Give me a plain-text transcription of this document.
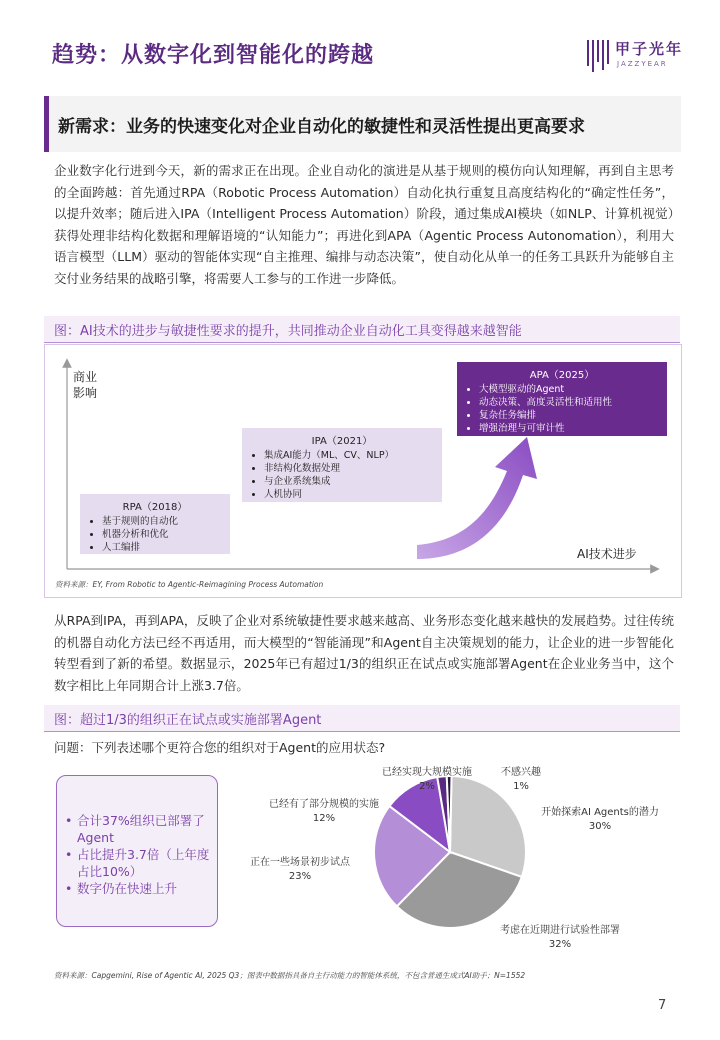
趋势：从数字化到智能化的跨越	甲子光年
JAZZYEAR
新需求：业务的快速变化对企业自动化的敏捷性和灵活性提出更高要求
企业数字化行进到今天，新的需求正在出现。企业自动化的演进是从基于规则的模仿向认知理解，再到自主思考的全面跨越：首先通过RPA（Robotic Process Automation）自动化执行重复且高度结构化的“确定性任务”，以提升效率；随后进入IPA（Intelligent Process Automation）阶段，通过集成AI模块（如NLP、计算机视觉）获得处理非结构化数据和理解语境的“认知能力”；再进化到APA（Agentic Process Autonomation），利用大语言模型（LLM）驱动的智能体实现“自主推理、编排与动态决策”，使自动化从单一的任务工具跃升为能够自主交付业务结果的战略引擎，将需要人工参与的工作进一步降低。
图：AI技术的进步与敏捷性要求的提升，共同推动企业自动化工具变得越来越智能
商业
影响
AI技术进步
资料来源：EY, From Robotic to Agentic-Reimagining Process Automation
RPA（2018）
• 基于规则的自动化
• 机器分析和优化
• 人工编排
IPA（2021）
• 集成AI能力（ML、CV、NLP）
• 非结构化数据处理
• 与企业系统集成
• 人机协同
APA（2025）
• 大模型驱动的Agent
• 动态决策、高度灵活性和适用性
• 复杂任务编排
• 增强治理与可审计性
从RPA到IPA，再到APA，反映了企业对系统敏捷性要求越来越高、业务形态变化越来越快的发展趋势。过往传统的机器自动化方法已经不再适用，而大模型的“智能涌现”和Agent自主决策规划的能力，让企业的进一步智能化转型看到了新的希望。数据显示，2025年已有超过1/3的组织正在试点或实施部署Agent在企业业务当中，这个数字相比上年同期合计上涨3.7倍。
图：超过1/3的组织正在试点或实施部署Agent
问题：下列表述哪个更符合您的组织对于Agent的应用状态?
• 合计37%组织已部署了Agent
• 占比提升3.7倍（上年度占比10%）
• 数字仍在快速上升
开始探索AI Agents的潜力
30%
考虑在近期进行试验性部署
32%
正在一些场景初步试点
23%
已经有了部分规模的实施
12%
已经实现大规模实施
2%
不感兴趣
1%
资料来源：Capgemini, Rise of Agentic AI, 2025 Q3；图表中数据指具备自主行动能力的智能体系统，不包含普通生成式AI助手；N=1552
7
